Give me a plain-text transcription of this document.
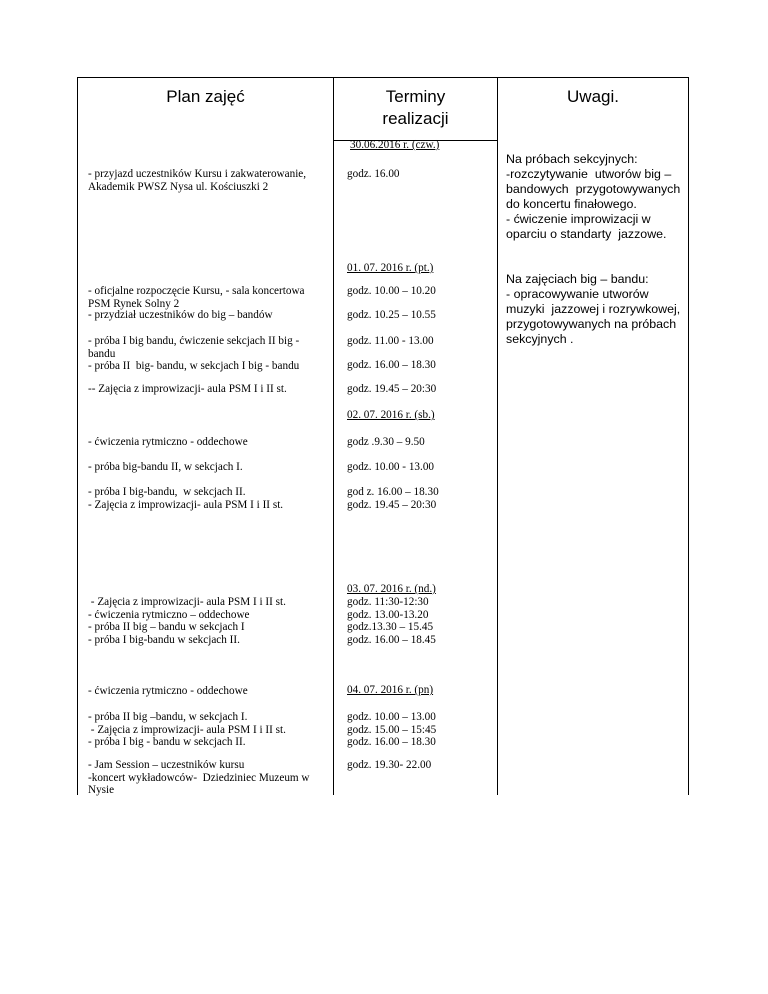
Plan zajęć	Terminy
realizacji
Uwagi.
30.06.2016 r. (czw.)
01. 07. 2016 r. (pt.)
02. 07. 2016 r. (sb.)
03. 07. 2016 r. (nd.)
04. 07. 2016 r. (pn)
- przyjazd uczestników Kursu i zakwaterowanie,
Akademik PWSZ Nysa ul. Kościuszki 2
- oficjalne rozpoczęcie Kursu, - sala koncertowa
PSM Rynek Solny 2
- przydział uczestników do big – bandów
- próba I big bandu, ćwiczenie sekcjach II big -
bandu
- próba II  big- bandu, w sekcjach I big - bandu
-- Zajęcia z improwizacji- aula PSM I i II st.
- ćwiczenia rytmiczno - oddechowe
- próba big-bandu II, w sekcjach I.
- próba I big-bandu,  w sekcjach II.
- Zajęcia z improwizacji- aula PSM I i II st.
- Zajęcia z improwizacji- aula PSM I i II st.
- ćwiczenia rytmiczno – oddechowe
- próba II big – bandu w sekcjach I
- próba I big-bandu w sekcjach II.
- ćwiczenia rytmiczno - oddechowe
- próba II big –bandu, w sekcjach I.
- Zajęcia z improwizacji- aula PSM I i II st.
- próba I big - bandu w sekcjach II.
- Jam Session – uczestników kursu
-koncert wykładowców-  Dziedziniec Muzeum w
Nysie
godz. 16.00
godz. 10.00 – 10.20
godz. 10.25 – 10.55
godz. 11.00 - 13.00
godz. 16.00 – 18.30
godz. 19.45 – 20:30
godz .9.30 – 9.50
godz. 10.00 - 13.00
god z. 16.00 – 18.30
godz. 19.45 – 20:30
godz. 11:30-12:30
godz. 13.00-13.20
godz.13.30 – 15.45
godz. 16.00 – 18.45
godz. 10.00 – 13.00
godz. 15.00 – 15:45
godz. 16.00 – 18.30
godz. 19.30- 22.00
Na próbach sekcyjnych:
-rozczytywanie  utworów big –
bandowych  przygotowywanych
do koncertu finałowego.
- ćwiczenie improwizacji w
oparciu o standarty  jazzowe.
Na zajęciach big – bandu:
- opracowywanie utworów
muzyki  jazzowej i rozrywkowej,
przygotowywanych na próbach
sekcyjnych .
